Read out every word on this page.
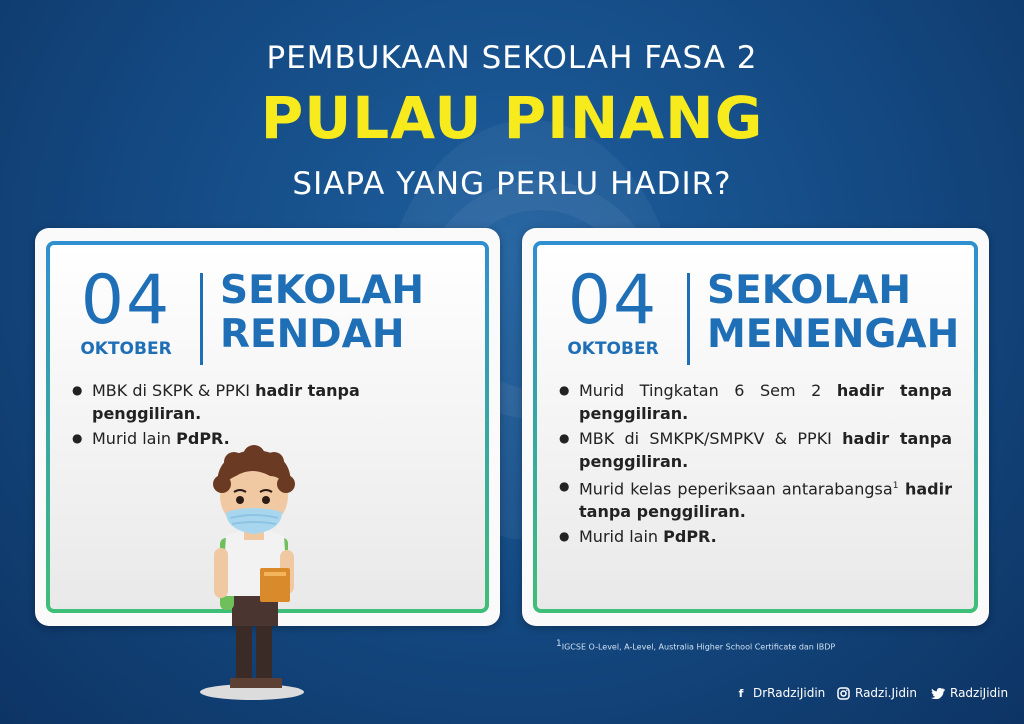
PEMBUKAAN SEKOLAH FASA 2
PULAU PINANG
SIAPA YANG PERLU HADIR?
04
OKTOBER
SEKOLAH
RENDAH
● MBK di SKPK & PPKI hadir tanpa penggiliran.
● Murid lain PdPR.
04
OKTOBER
SEKOLAH
MENENGAH
● Murid Tingkatan 6 Sem 2 hadir tanpa penggiliran.
● MBK di SMKPK/SMPKV & PPKI hadir tanpa penggiliran.
● Murid kelas peperiksaan antarabangsa$^1$ hadir tanpa penggiliran.
● Murid lain PdPR.
1IGCSE O-Level, A-Level, Australia Higher School Certificate dan IBDP
f DrRadziJidin Radzi.Jidin	RadziJidin
